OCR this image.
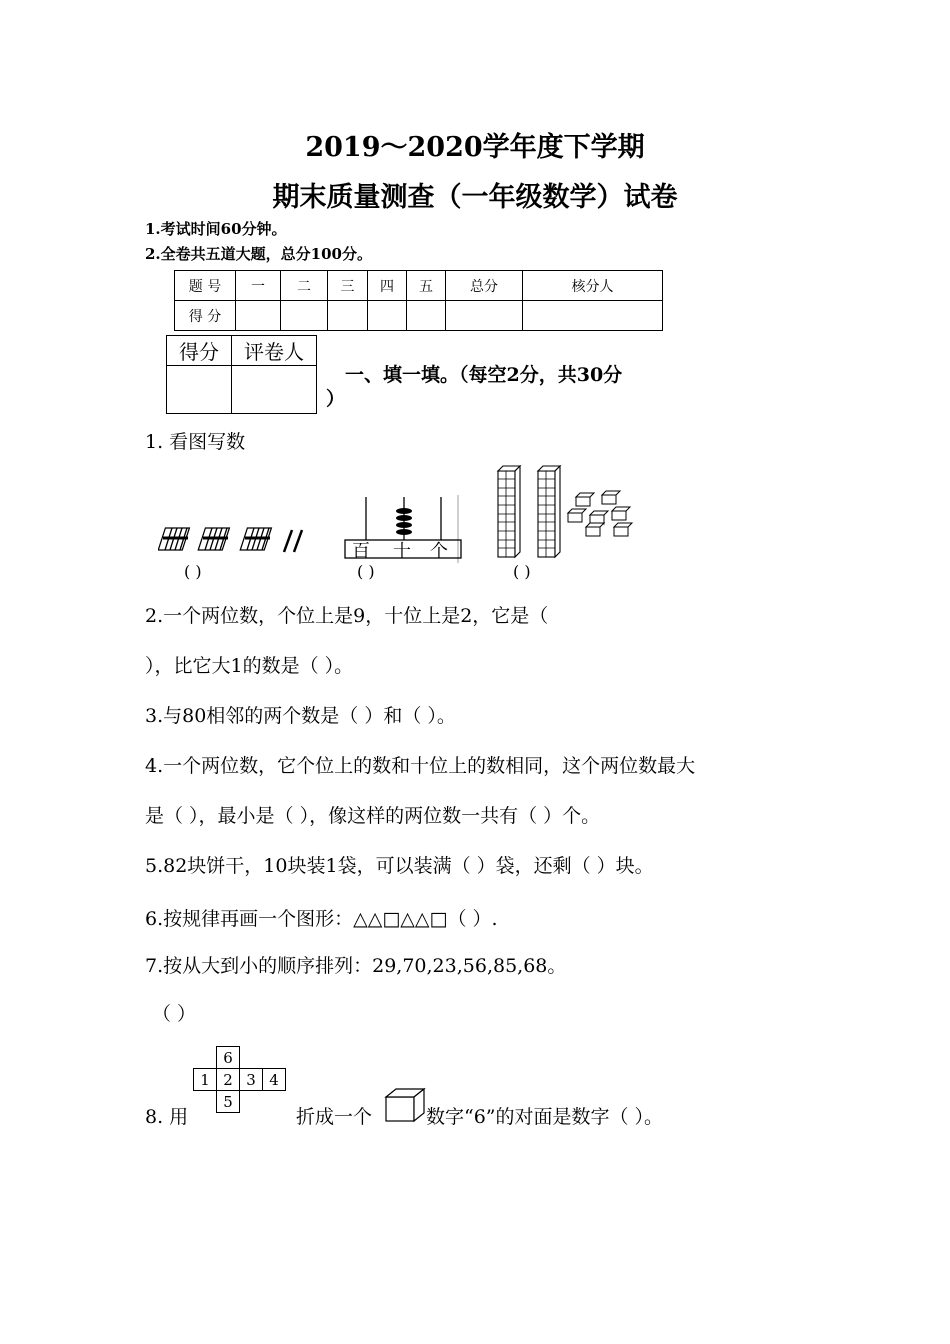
2019～2020学年度下学期
期末质量测查（一年级数学）试卷
1.考试时间60分钟。
2.全卷共五道大题，总分100分。
题 号	一	二	三	四	五	总分	核分人
得 分							
得分	评卷人

一、填一填。（每空2分，共30分
）
1. 看图写数
百 十 个
( )	( )	( )
2.一个两位数，个位上是9，十位上是2，它是（
），比它大1的数是（ ）。
3.与80相邻的两个数是（ ）和（ ）。
4.一个两位数，它个位上的数和十位上的数相同，这个两位数最大
是（ ），最小是（ ），像这样的两位数一共有（ ）个。
5.82块饼干，10块装1袋，可以装满（ ）袋，还剩（ ）块。
6.按规律再画一个图形：△△□△△□（ ）.
7.按从大到小的顺序排列：29,70,23,56,85,68。
（ ）
	6		
1	2	3	4
	5		
8. 用	折成一个	数字“6”的对面是数字（ ）。
